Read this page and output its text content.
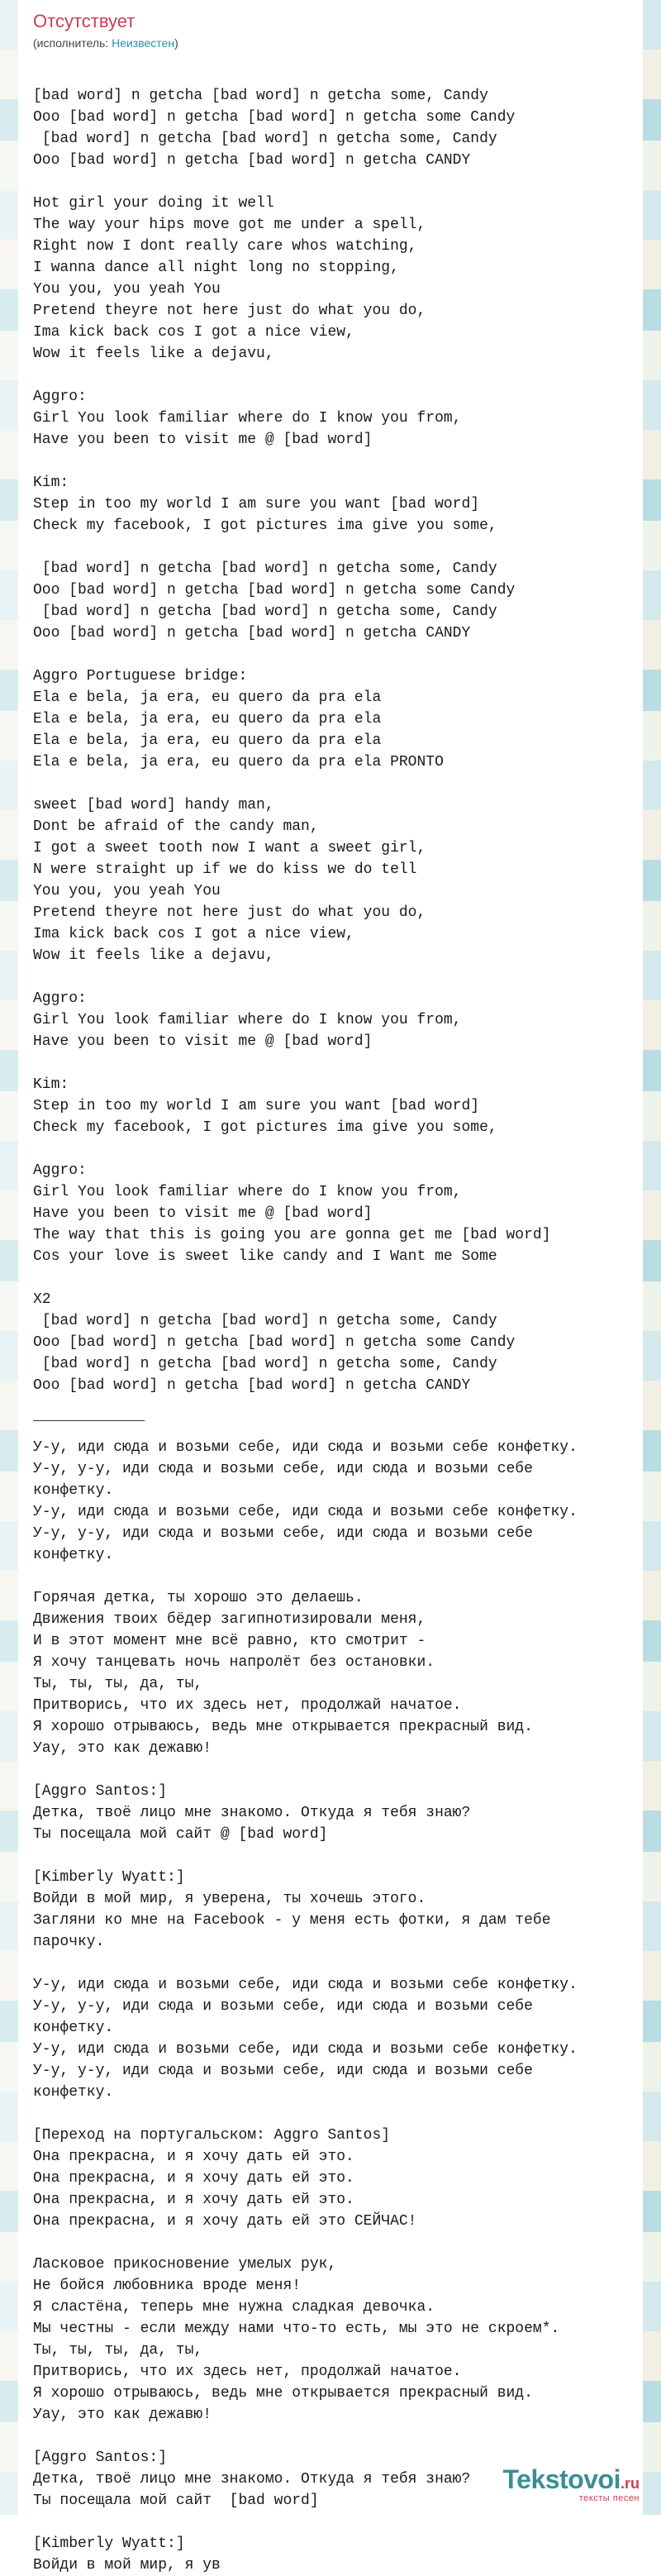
Отсутствует
(исполнитель: Неизвестен)
[bad word] n getcha [bad word] n getcha some, Candy
Ooo [bad word] n getcha [bad word] n getcha some Candy
[bad word] n getcha [bad word] n getcha some, Candy
Ooo [bad word] n getcha [bad word] n getcha CANDY

Hot girl your doing it well
The way your hips move got me under a spell,
Right now I dont really care whos watching,
I wanna dance all night long no stopping,
You you, you yeah You
Pretend theyre not here just do what you do,
Ima kick back cos I got a nice view,
Wow it feels like a dejavu,

Aggro:
Girl You look familiar where do I know you from,
Have you been to visit me @ [bad word]

Kim:
Step in too my world I am sure you want [bad word]
Check my facebook, I got pictures ima give you some,

[bad word] n getcha [bad word] n getcha some, Candy
Ooo [bad word] n getcha [bad word] n getcha some Candy
[bad word] n getcha [bad word] n getcha some, Candy
Ooo [bad word] n getcha [bad word] n getcha CANDY

Aggro Portuguese bridge:
Ela e bela, ja era, eu quero da pra ela
Ela e bela, ja era, eu quero da pra ela
Ela e bela, ja era, eu quero da pra ela
Ela e bela, ja era, eu quero da pra ela PRONTO

sweet [bad word] handy man,
Dont be afraid of the candy man,
I got a sweet tooth now I want a sweet girl,
N were straight up if we do kiss we do tell
You you, you yeah You
Pretend theyre not here just do what you do,
Ima kick back cos I got a nice view,
Wow it feels like a dejavu,

Aggro:
Girl You look familiar where do I know you from,
Have you been to visit me @ [bad word]

Kim:
Step in too my world I am sure you want [bad word]
Check my facebook, I got pictures ima give you some,

Aggro:
Girl You look familiar where do I know you from,
Have you been to visit me @ [bad word]
The way that this is going you are gonna get me [bad word]
Cos your love is sweet like candy and I Want me Some

X2
[bad word] n getcha [bad word] n getcha some, Candy
Ooo [bad word] n getcha [bad word] n getcha some Candy
[bad word] n getcha [bad word] n getcha some, Candy
Ooo [bad word] n getcha [bad word] n getcha CANDY
У-у, иди сюда и возьми себе, иди сюда и возьми себе конфетку.
У-у, у-у, иди сюда и возьми себе, иди сюда и возьми себе конфетку.
У-у, иди сюда и возьми себе, иди сюда и возьми себе конфетку.
У-у, у-у, иди сюда и возьми себе, иди сюда и возьми себе конфетку.

Горячая детка, ты хорошо это делаешь.
Движения твоих бёдер загипнотизировали меня,
И в этот момент мне всё равно, кто смотрит -
Я хочу танцевать ночь напролёт без остановки.
Ты, ты, ты, да, ты,
Притворись, что их здесь нет, продолжай начатое.
Я хорошо отрываюсь, ведь мне открывается прекрасный вид.
Уау, это как дежавю!

[Aggro Santos:]
Детка, твоё лицо мне знакомо. Откуда я тебя знаю?
Ты посещала мой сайт @ [bad word]

[Kimberly Wyatt:]
Войди в мой мир, я уверена, ты хочешь этого.
Загляни ко мне на Facebook - у меня есть фотки, я дам тебе парочку.

У-у, иди сюда и возьми себе, иди сюда и возьми себе конфетку.
У-у, у-у, иди сюда и возьми себе, иди сюда и возьми себе конфетку.
У-у, иди сюда и возьми себе, иди сюда и возьми себе конфетку.
У-у, у-у, иди сюда и возьми себе, иди сюда и возьми себе конфетку.

[Переход на португальском: Aggro Santos]
Она прекрасна, и я хочу дать ей это.
Она прекрасна, и я хочу дать ей это.
Она прекрасна, и я хочу дать ей это.
Она прекрасна, и я хочу дать ей это СЕЙЧАС!

Ласковое прикосновение умелых рук,
Не бойся любовника вроде меня!
Я сластёна, теперь мне нужна сладкая девочка.
Мы честны - если между нами что-то есть, мы это не скроем*.
Ты, ты, ты, да, ты,
Притворись, что их здесь нет, продолжай начатое.
Я хорошо отрываюсь, ведь мне открывается прекрасный вид.
Уау, это как дежавю!

[Aggro Santos:]
Детка, твоё лицо мне знакомо. Откуда я тебя знаю?
Ты посещала мой сайт  [bad word]

[Kimberly Wyatt:]
Войди в мой мир, я ув
Tekstovoi.ru
тексты песен
